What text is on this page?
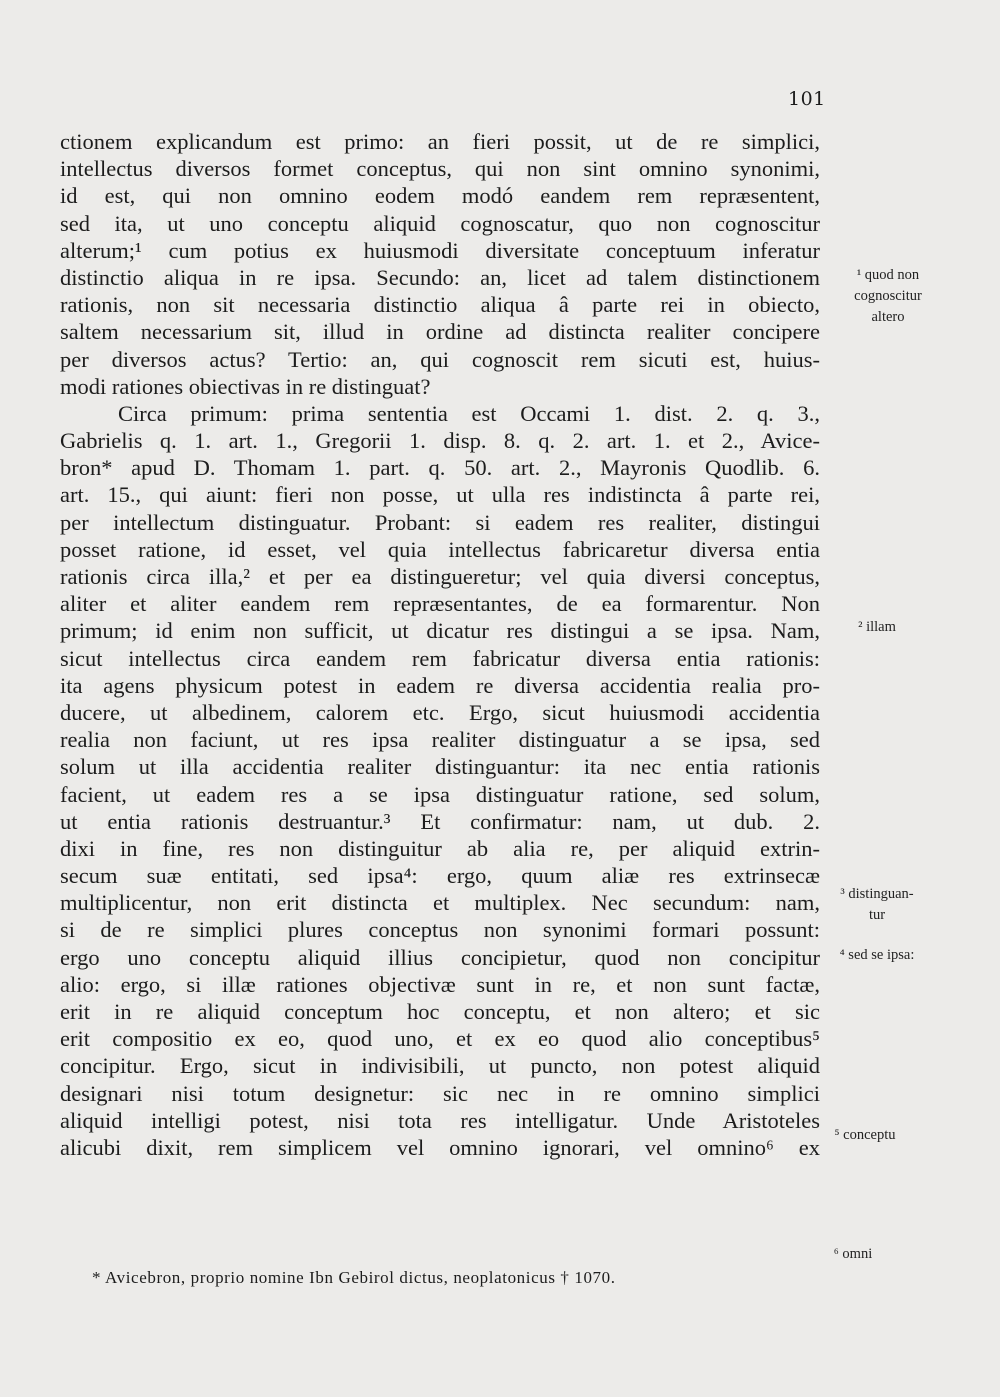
101
ctionem explicandum est primo: an fieri possit, ut de re simplici,
intellectus diversos formet conceptus, qui non sint omnino synonimi,
id est, qui non omnino eodem modó eandem rem repræsentent,
sed ita, ut uno conceptu aliquid cognoscatur, quo non cognoscitur
alterum;¹ cum potius ex huiusmodi diversitate conceptuum inferatur
distinctio aliqua in re ipsa. Secundo: an, licet ad talem distinctionem
rationis, non sit necessaria distinctio aliqua â parte rei in obiecto,
saltem necessarium sit, illud in ordine ad distincta realiter concipere
per diversos actus? Tertio: an, qui cognoscit rem sicuti est, huius-
modi rationes obiectivas in re distinguat?
Circa primum: prima sententia est Occami 1. dist. 2. q. 3.,
Gabrielis q. 1. art. 1., Gregorii 1. disp. 8. q. 2. art. 1. et 2., Avice-
bron* apud D. Thomam 1. part. q. 50. art. 2., Mayronis Quodlib. 6.
art. 15., qui aiunt: fieri non posse, ut ulla res indistincta â parte rei,
per intellectum distinguatur. Probant: si eadem res realiter, distingui
posset ratione, id esset, vel quia intellectus fabricaretur diversa entia
rationis circa illa,² et per ea distingueretur; vel quia diversi conceptus,
aliter et aliter eandem rem repræsentantes, de ea formarentur. Non
primum; id enim non sufficit, ut dicatur res distingui a se ipsa. Nam,
sicut intellectus circa eandem rem fabricatur diversa entia rationis:
ita agens physicum potest in eadem re diversa accidentia realia pro-
ducere, ut albedinem, calorem etc. Ergo, sicut huiusmodi accidentia
realia non faciunt, ut res ipsa realiter distinguatur a se ipsa, sed
solum ut illa accidentia realiter distinguantur: ita nec entia rationis
facient, ut eadem res a se ipsa distinguatur ratione, sed solum,
ut entia rationis destruantur.³ Et confirmatur: nam, ut dub. 2.
dixi in fine, res non distinguitur ab alia re, per aliquid extrin-
secum suæ entitati, sed ipsa⁴: ergo, quum aliæ res extrinsecæ
multiplicentur, non erit distincta et multiplex. Nec secundum: nam,
si de re simplici plures conceptus non synonimi formari possunt:
ergo uno conceptu aliquid illius concipietur, quod non concipitur
alio: ergo, si illæ rationes objectivæ sunt in re, et non sunt factæ,
erit in re aliquid conceptum hoc conceptu, et non altero; et sic
erit compositio ex eo, quod uno, et ex eo quod alio conceptibus⁵
concipitur. Ergo, sicut in indivisibili, ut puncto, non potest aliquid
designari nisi totum designetur: sic nec in re omnino simplici
aliquid intelligi potest, nisi tota res intelligatur. Unde Aristoteles
alicubi dixit, rem simplicem vel omnino ignorari, vel omnino⁶ ex
¹ quod non
cognoscitur
altero
² illam
³ distinguan-
tur
⁴ sed se ipsa:
⁵ conceptu
⁶ omni
* Avicebron, proprio nomine Ibn Gebirol dictus, neoplatonicus † 1070.
